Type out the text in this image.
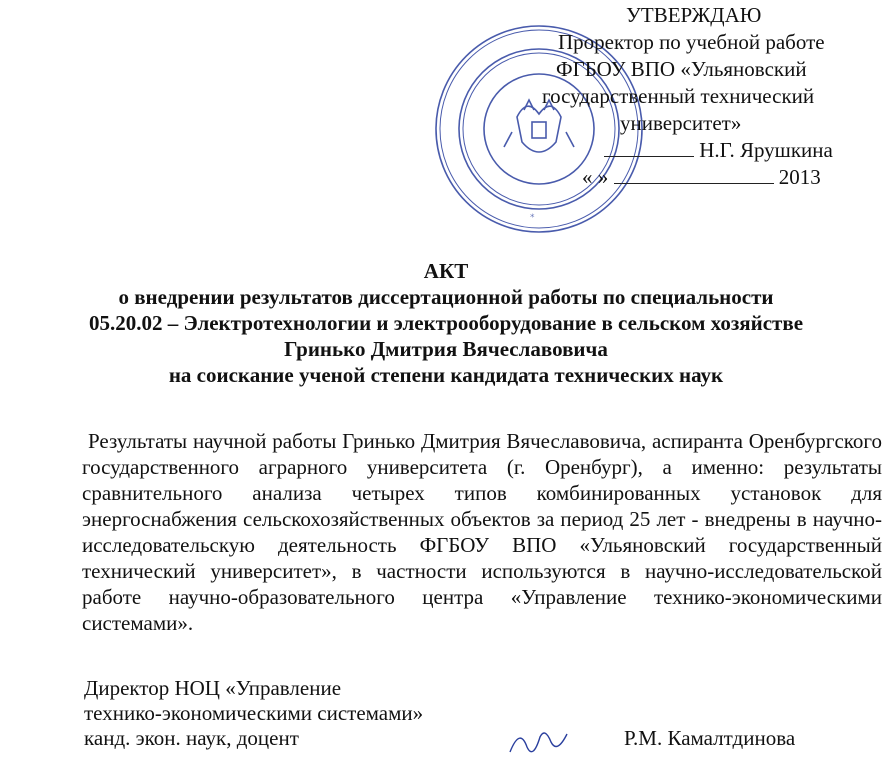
*
УТВЕРЖДАЮ
Проректор по учебной работе
ФГБОУ ВПО «Ульяновский
государственный технический
университет»
Н.Г. Ярушкина
« »	2013
АКТ
о внедрении результатов диссертационной работы по специальности
05.20.02 – Электротехнологии и электрооборудование в сельском хозяйстве
Гринько Дмитрия Вячеславовича
на соискание ученой степени кандидата технических наук

Результаты научной работы Гринько Дмитрия Вячеславовича, аспиранта Оренбургского государственного аграрного университета (г. Оренбург), а именно: результаты сравнительного анализа четырех типов комбинированных установок для энергоснабжения сельскохозяйственных объектов за период 25 лет - внедрены в научно-исследовательскую деятельность ФГБОУ ВПО «Ульяновский государственный технический университет», в частности используются в научно-исследовательской работе научно-образовательного центра «Управление технико-экономическими системами».

Директор НОЦ «Управление
технико-экономическими системами»
канд. экон. наук, доцент	Р.М. Камалтдинова
